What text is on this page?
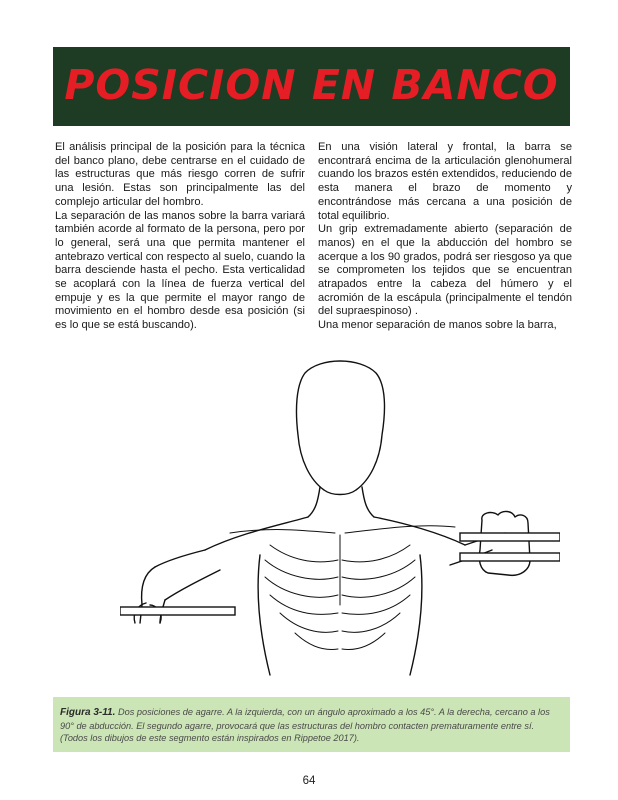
POSICION EN BANCO

El análisis principal de la posición para la técnica del banco plano, debe centrarse en el cuidado de las estructuras que más riesgo corren de sufrir una lesión. Estas son principalmente las del complejo articular del hombro.

La separación de las manos sobre la barra variará también acorde al formato de la persona, pero por lo general, será una que permita mantener el antebrazo vertical con respecto al suelo, cuando la barra desciende hasta el pecho. Esta verticalidad se acoplará con la línea de fuerza vertical del empuje y es la que permite el mayor rango de movimiento en el hombro desde esa posición (si es lo que se está buscando).

En una visión lateral y frontal, la barra se encontrará encima de la articulación glenohumeral cuando los brazos estén extendidos, reduciendo de esta manera el brazo de momento y encontrándose más cercana a una posición de total equilibrio.

Un grip extremadamente abierto (separación de manos) en el que la abducción del hombro se acerque a los 90 grados, podrá ser riesgoso ya que se comprometen los tejidos que se encuentran atrapados entre la cabeza del húmero y el acromión de la escápula (principalmente el tendón del supraespinoso) .

Una menor separación de manos sobre la barra,

Figura 3-11. Dos posiciones de agarre. A la izquierda, con un ángulo aproximado a los 45°. A la derecha, cercano a los 90° de abducción. El segundo agarre, provocará que las estructuras del hombro contacten prematuramente entre sí. (Todos los dibujos de este segmento están inspirados en Rippetoe 2017).
64
